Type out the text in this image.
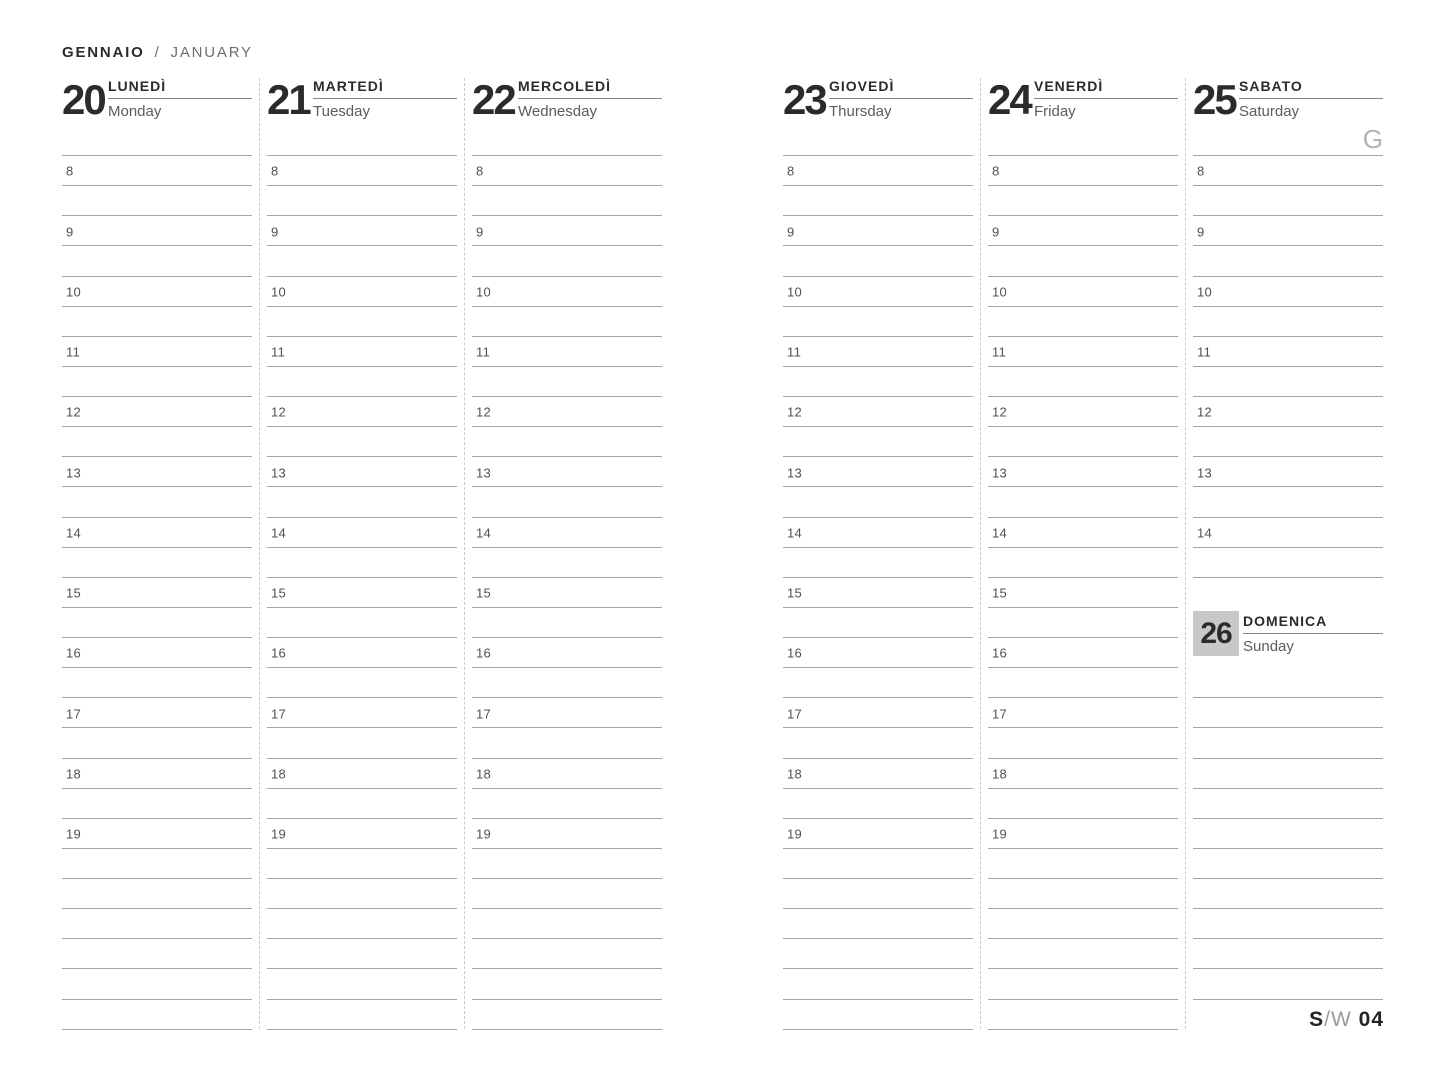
GENNAIO / JANUARY
20 LUNEDÌ
Monday
8
9
10
11
12
13
14
15
16
17
18
19
21 MARTEDÌ
Tuesday
8
9
10
11
12
13
14
15
16
17
18
19
22 MERCOLEDÌ
Wednesday
8
9
10
11
12
13
14
15
16
17
18
19
23 GIOVEDÌ
Thursday
8
9
10
11
12
13
14
15
16
17
18
19
24 VENERDÌ
Friday
8
9
10
11
12
13
14
15
16
17
18
19
25 SABATO
Saturday
8
9
10
11
12
13
14
26 DOMENICA
Sunday
G
S/W 04
